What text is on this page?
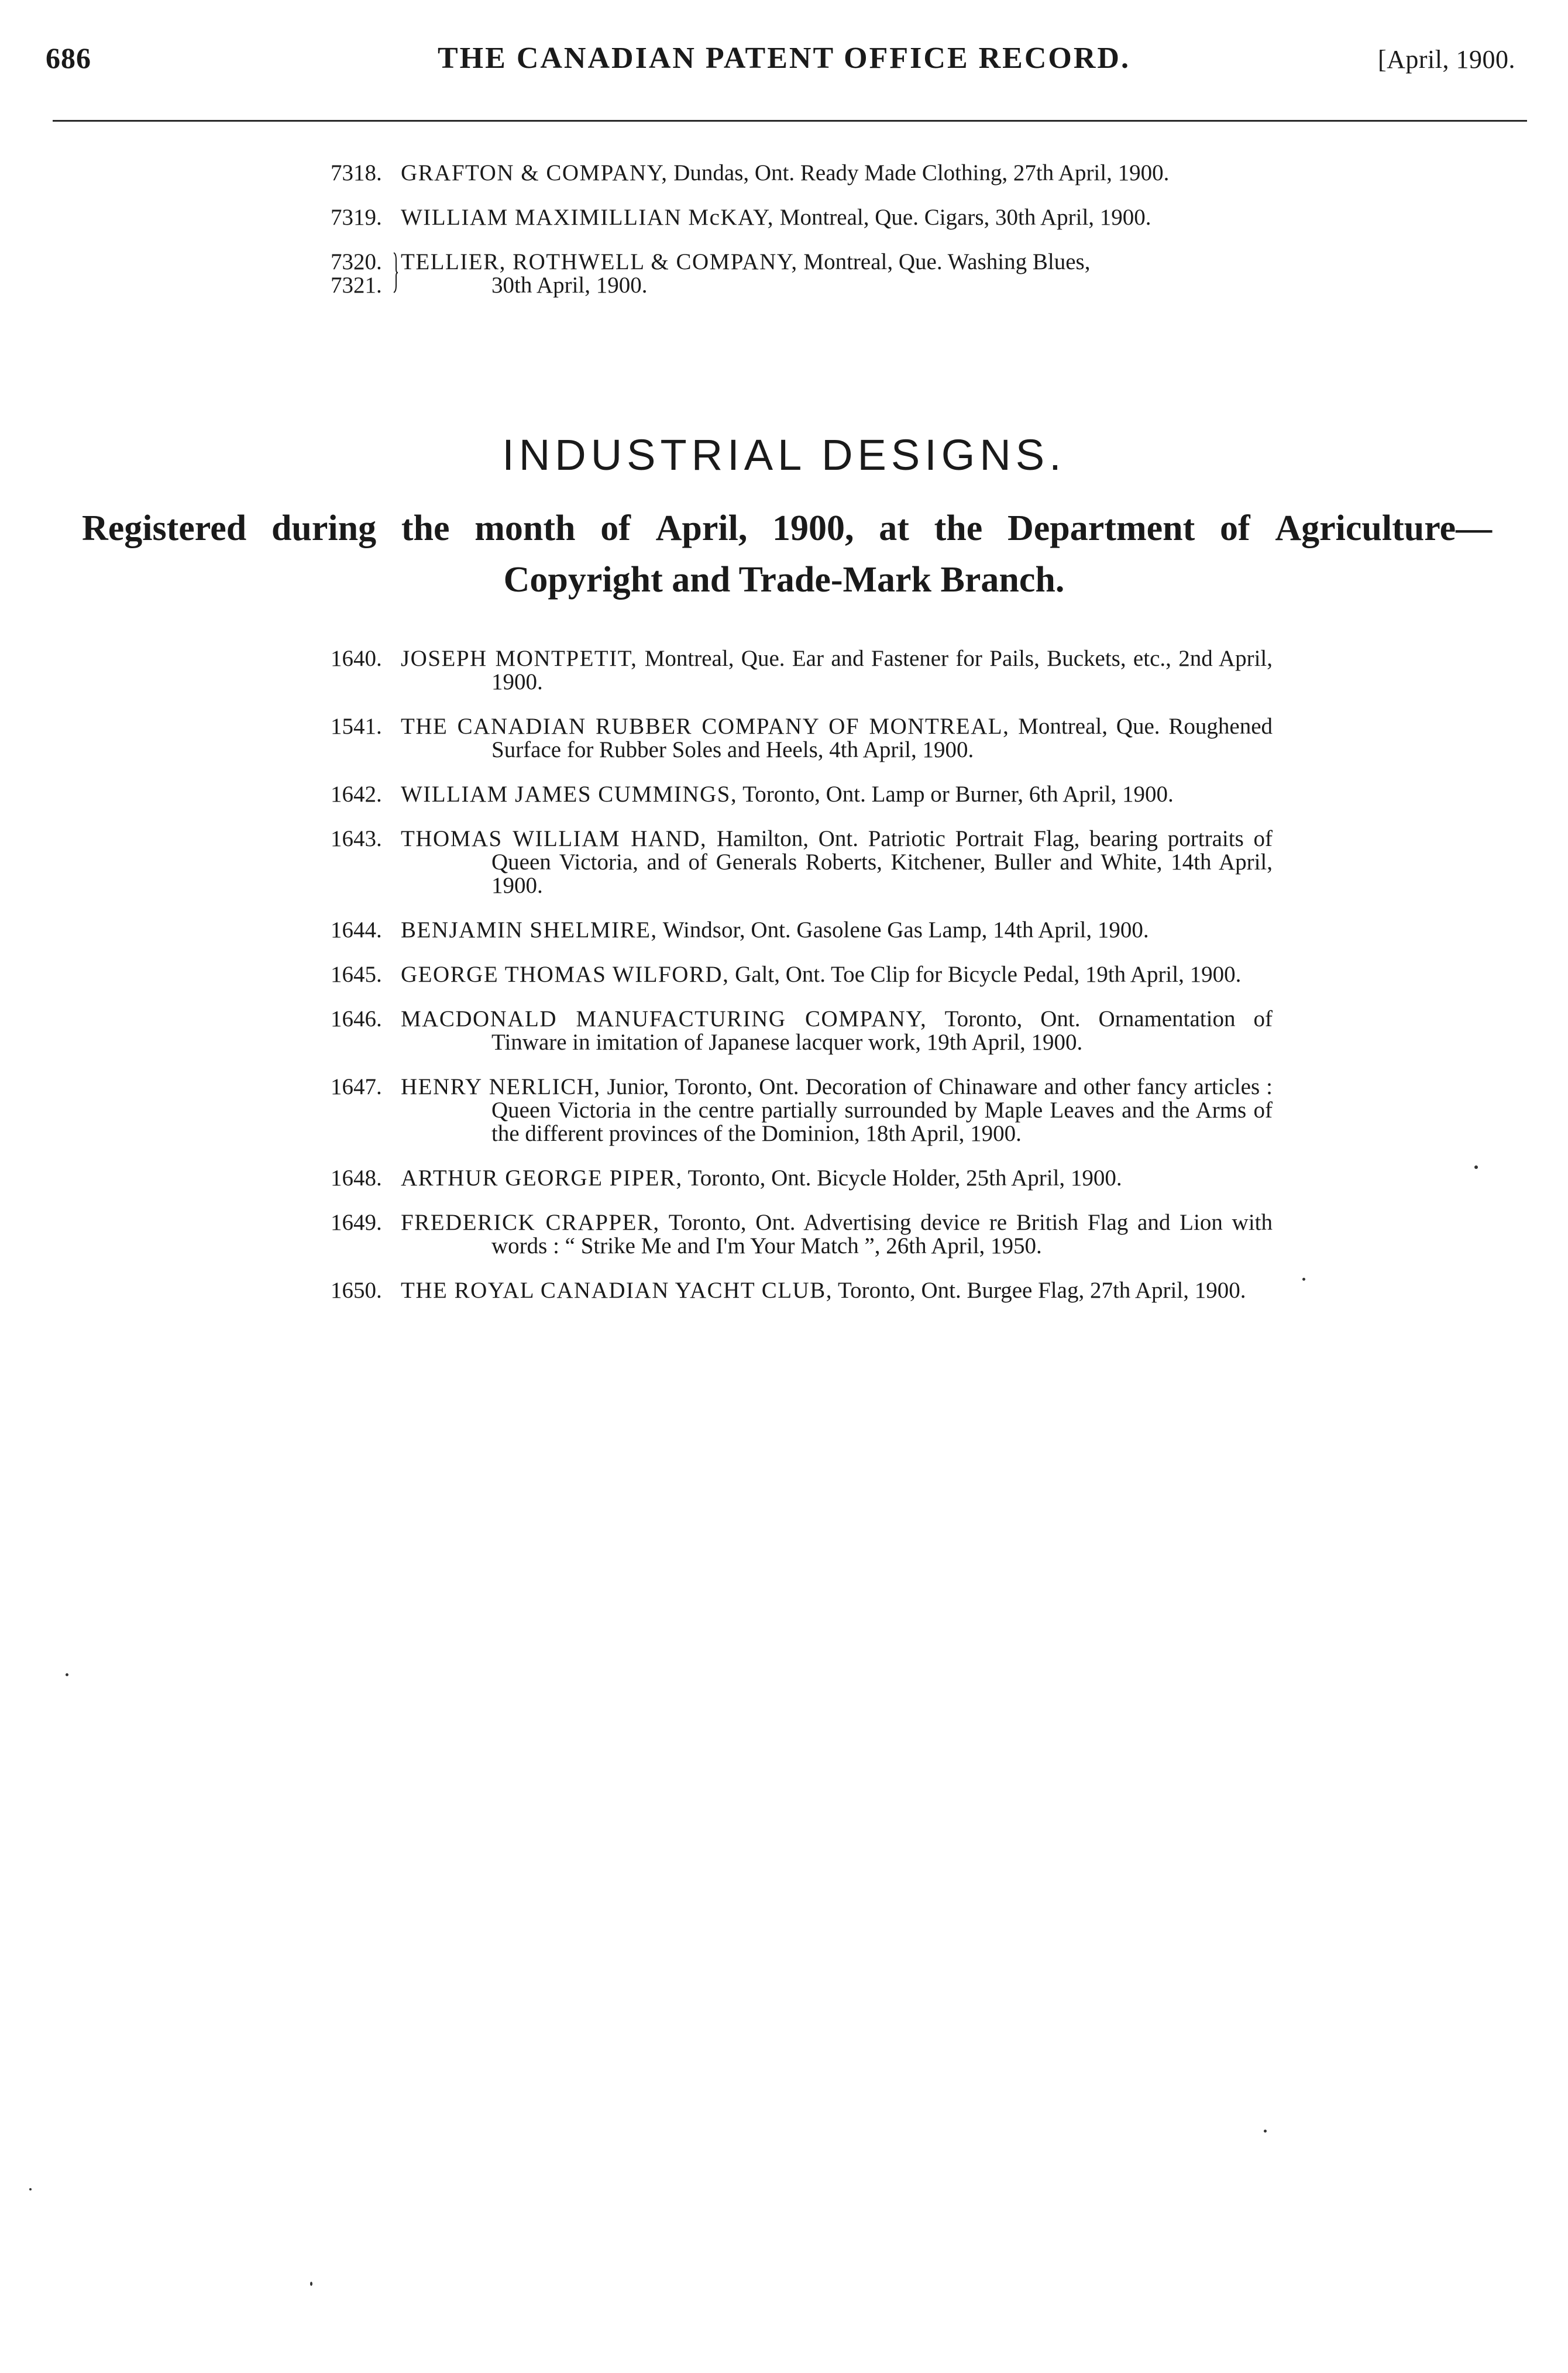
686	THE CANADIAN PATENT OFFICE RECORD.	[April, 1900.
7318. GRAFTON & COMPANY, Dundas, Ont. Ready Made Clothing, 27th April, 1900.
7319. WILLIAM MAXIMILLIAN McKAY, Montreal, Que. Cigars, 30th April, 1900.
7320.
7321.
TELLIER, ROTHWELL & COMPANY, Montreal, Que. Washing Blues,
30th April, 1900.
INDUSTRIAL DESIGNS.
Registered during the month of April, 1900, at the Department of Agriculture—
Copyright and Trade-Mark Branch.
1640. JOSEPH MONTPETIT, Montreal, Que. Ear and Fastener for Pails, Buckets, etc., 2nd April, 1900.
1541. THE CANADIAN RUBBER COMPANY OF MONTREAL, Montreal, Que. Roughened Surface for Rubber Soles and Heels, 4th April, 1900.
1642. WILLIAM JAMES CUMMINGS, Toronto, Ont. Lamp or Burner, 6th April, 1900.
1643. THOMAS WILLIAM HAND, Hamilton, Ont. Patriotic Portrait Flag, bearing portraits of Queen Victoria, and of Generals Roberts, Kitchener, Buller and White, 14th April, 1900.
1644. BENJAMIN SHELMIRE, Windsor, Ont. Gasolene Gas Lamp, 14th April, 1900.
1645. GEORGE THOMAS WILFORD, Galt, Ont. Toe Clip for Bicycle Pedal, 19th April, 1900.
1646. MACDONALD MANUFACTURING COMPANY, Toronto, Ont. Ornamentation of Tinware in imitation of Japanese lacquer work, 19th April, 1900.
1647. HENRY NERLICH, Junior, Toronto, Ont. Decoration of Chinaware and other fancy articles : Queen Victoria in the centre partially surrounded by Maple Leaves and the Arms of the different provinces of the Dominion, 18th April, 1900.
1648. ARTHUR GEORGE PIPER, Toronto, Ont. Bicycle Holder, 25th April, 1900.
1649. FREDERICK CRAPPER, Toronto, Ont. Advertising device re British Flag and Lion with words : “ Strike Me and I'm Your Match ”, 26th April, 1950.
1650. THE ROYAL CANADIAN YACHT CLUB, Toronto, Ont. Burgee Flag, 27th April, 1900.
